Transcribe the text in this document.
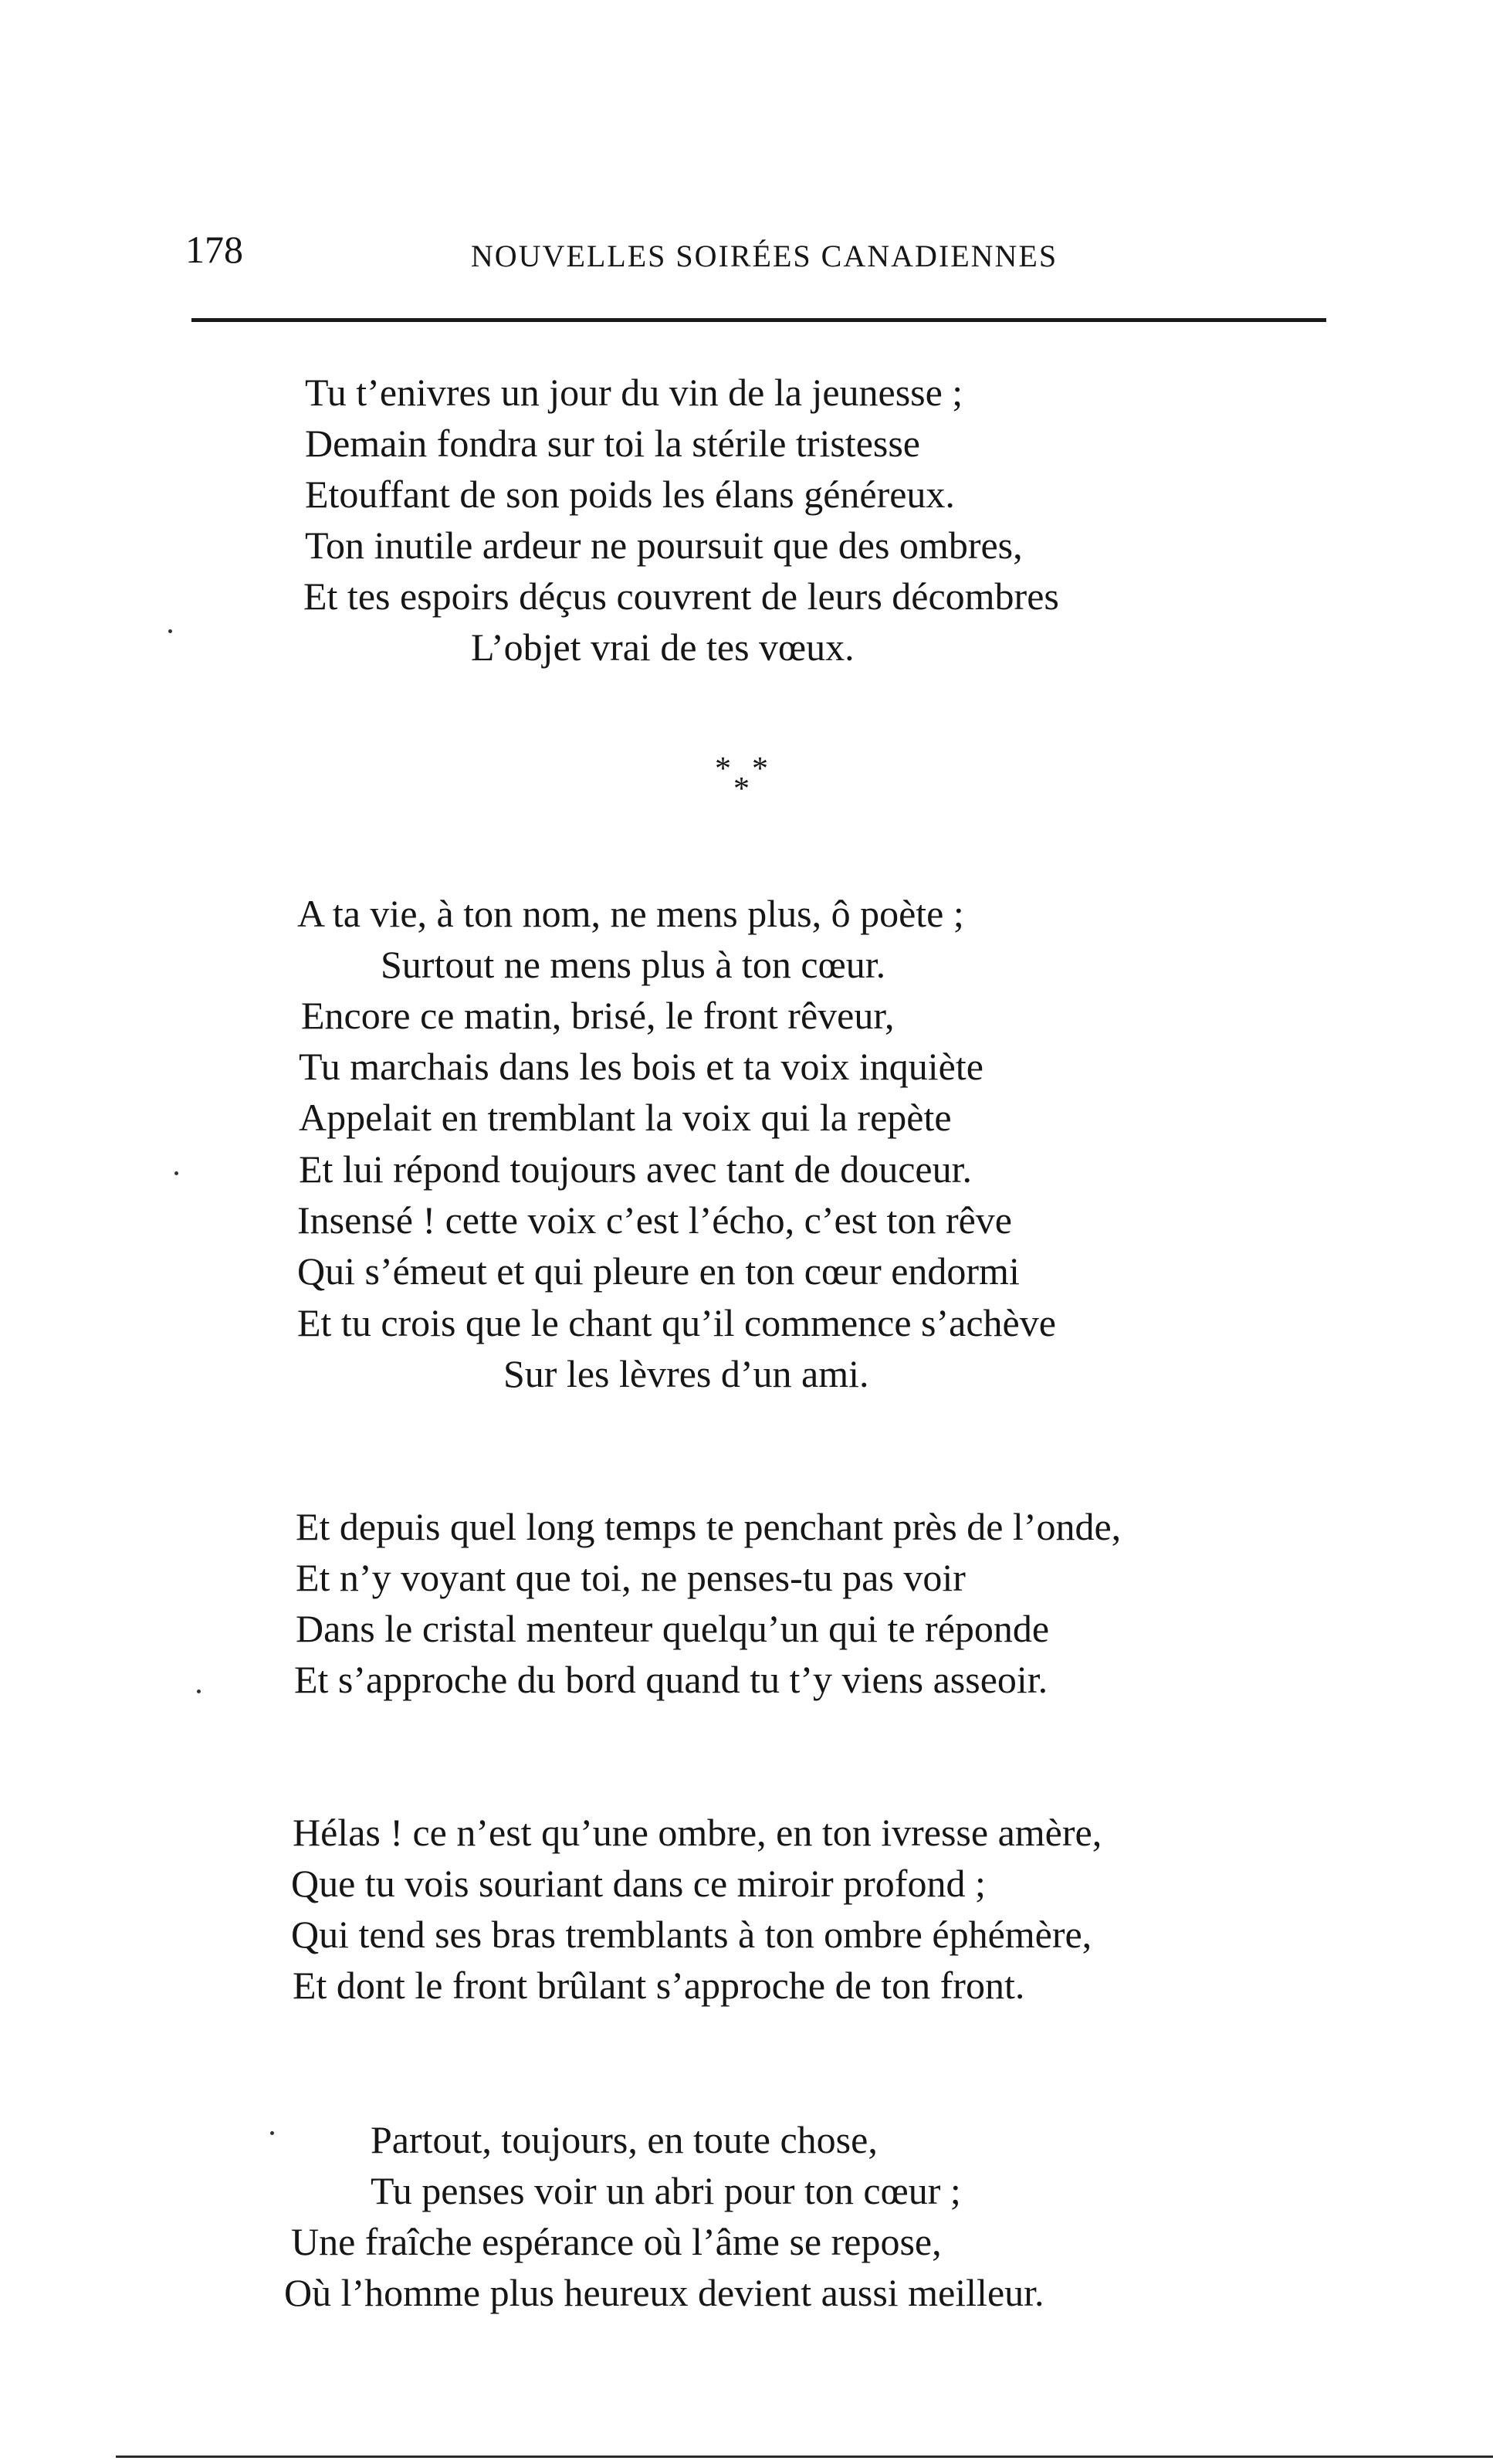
178	NOUVELLES SOIRÉES CANADIENNES
Tu t’enivres un jour du vin de la jeunesse ;
Demain fondra sur toi la stérile tristesse
Etouffant de son poids les élans généreux.
Ton inutile ardeur ne poursuit que des ombres,
Et tes espoirs déçus couvrent de leurs décombres
L’objet vrai de tes vœux.
* *
*
A ta vie, à ton nom, ne mens plus, ô poète ;
Surtout ne mens plus à ton cœur.
Encore ce matin, brisé, le front rêveur,
Tu marchais dans les bois et ta voix inquiète
Appelait en tremblant la voix qui la repète
Et lui répond toujours avec tant de douceur.
Insensé ! cette voix c’est l’écho, c’est ton rêve
Qui s’émeut et qui pleure en ton cœur endormi
Et tu crois que le chant qu’il commence s’achève
Sur les lèvres d’un ami.
Et depuis quel long temps te penchant près de l’onde,
Et n’y voyant que toi, ne penses-tu pas voir
Dans le cristal menteur quelqu’un qui te réponde
Et s’approche du bord quand tu t’y viens asseoir.
Hélas ! ce n’est qu’une ombre, en ton ivresse amère,
Que tu vois souriant dans ce miroir profond ;
Qui tend ses bras tremblants à ton ombre éphémère,
Et dont le front brûlant s’approche de ton front.
Partout, toujours, en toute chose,
Tu penses voir un abri pour ton cœur ;
Une fraîche espérance où l’âme se repose,
Où l’homme plus heureux devient aussi meilleur.
